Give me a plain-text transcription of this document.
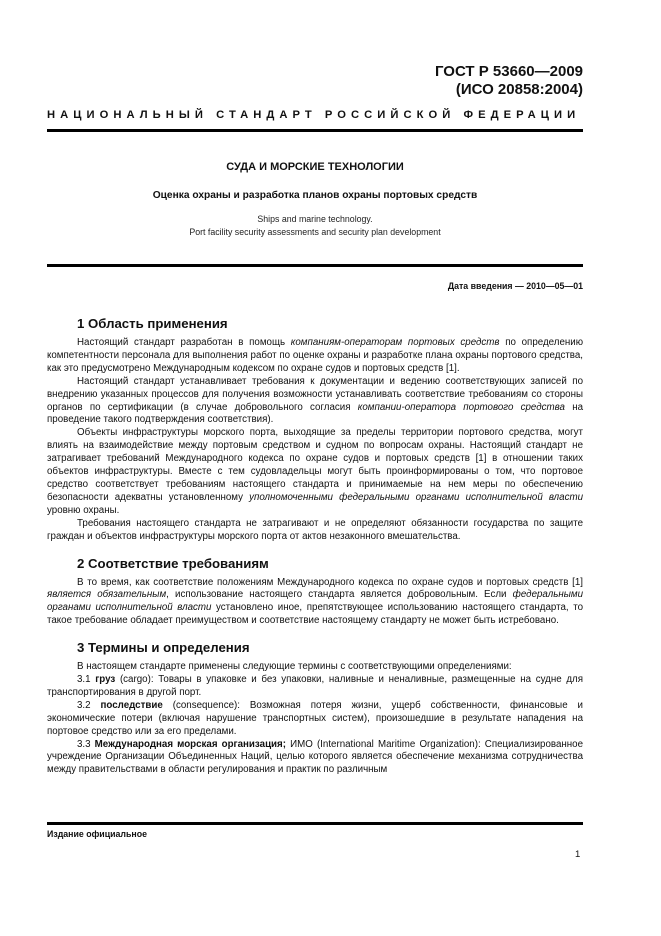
ГОСТ Р 53660—2009
(ИСО 20858:2004)
НАЦИОНАЛЬНЫЙ СТАНДАРТ РОССИЙСКОЙ ФЕДЕРАЦИИ
СУДА И МОРСКИЕ ТЕХНОЛОГИИ
Оценка охраны и разработка планов охраны портовых средств
Ships and marine technology.
Port facility security assessments and security plan development
Дата введения — 2010—05—01
1 Область применения

Настоящий стандарт разработан в помощь компаниям-операторам портовых средств по определению компетентности персонала для выполнения работ по оценке охраны и разработке плана охраны портового средства, как это предусмотрено Международным кодексом по охране судов и портовых средств [1].

Настоящий стандарт устанавливает требования к документации и ведению соответствующих записей по внедрению указанных процессов для получения возможности устанавливать соответствие требованиям со стороны органов по сертификации (в случае добровольного согласия компании-оператора портового средства на проведение такого подтверждения соответствия).

Объекты инфраструктуры морского порта, выходящие за пределы территории портового средства, могут влиять на взаимодействие между портовым средством и судном по вопросам охраны. Настоящий стандарт не затрагивает требований Международного кодекса по охране судов и портовых средств [1] в отношении таких объектов инфраструктуры. Вместе с тем судовладельцы могут быть проинформированы о том, что портовое средство соответствует требованиям настоящего стандарта и принимаемые на нем меры по обеспечению безопасности адекватны установленному уполномоченными федеральными органами исполнительной власти уровню охраны.

Требования настоящего стандарта не затрагивают и не определяют обязанности государства по защите граждан и объектов инфраструктуры морского порта от актов незаконного вмешательства.

2 Соответствие требованиям

В то время, как соответствие положениям Международного кодекса по охране судов и портовых средств [1] является обязательным, использование настоящего стандарта является добровольным. Если федеральными органами исполнительной власти установлено иное, препятствующее использованию настоящего стандарта, то такое требование обладает преимуществом и соответствие настоящему стандарту не может быть истребовано.

3 Термины и определения

В настоящем стандарте применены следующие термины с соответствующими определениями:

3.1 груз (cargo): Товары в упаковке и без упаковки, наливные и неналивные, размещенные на судне для транспортирования в другой порт.

3.2 последствие (consequence): Возможная потеря жизни, ущерб собственности, финансовые и экономические потери (включая нарушение транспортных систем), произошедшие в результате нападения на портовое средство или за его пределами.

3.3 Международная морская организация; ИМО (International Maritime Organization): Специализированное учреждение Организации Объединенных Наций, целью которого является обеспечение механизма сотрудничества между правительствами в области регулирования и практик по различным

Издание официальное
1
